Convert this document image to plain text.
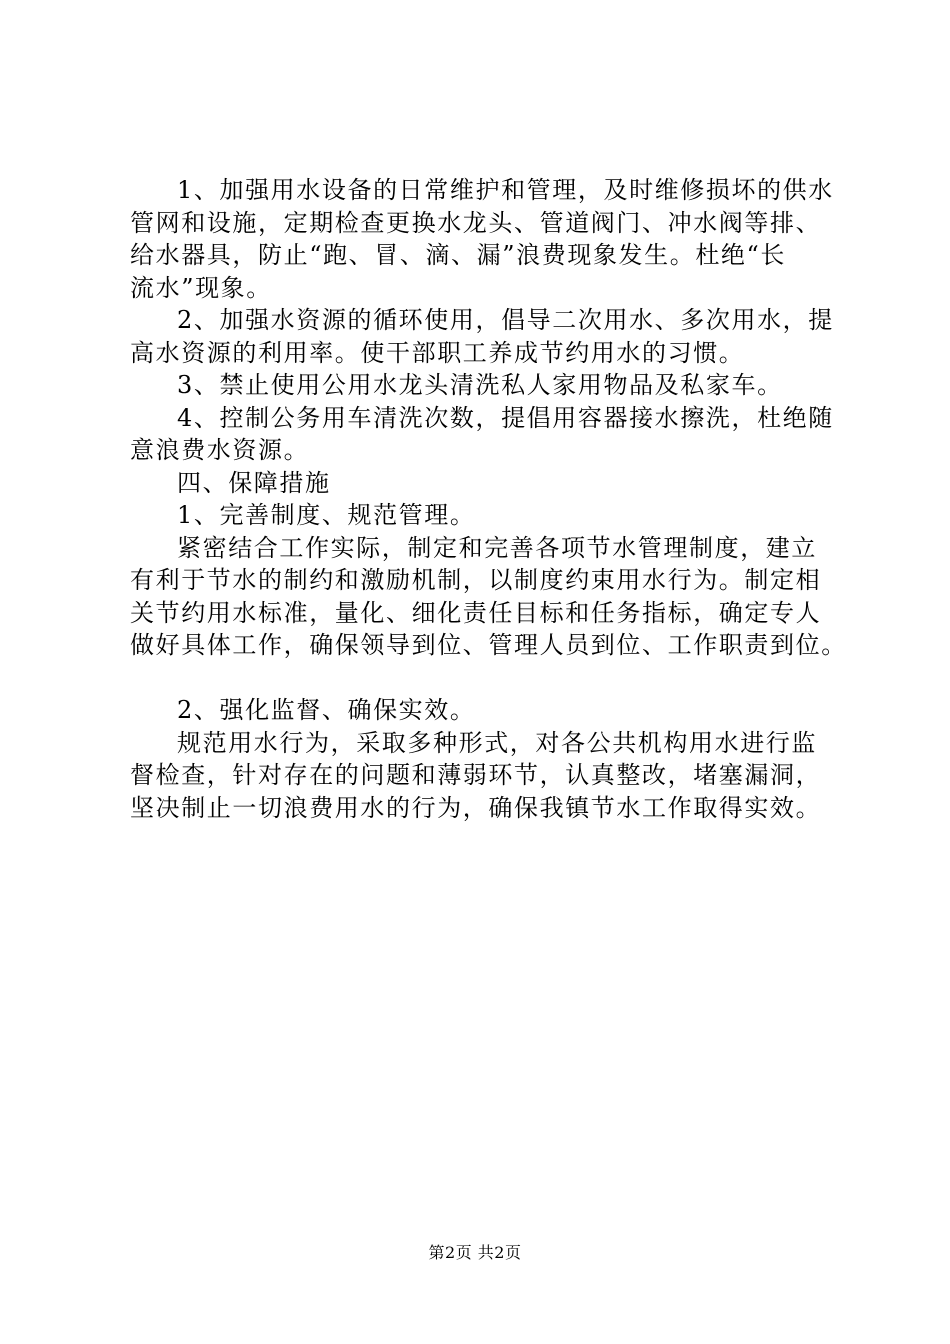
1、加强用水设备的日常维护和管理，及时维修损坏的供水
管网和设施，定期检查更换水龙头、管道阀门、冲水阀等排、
给水器具，防止“跑、冒、滴、漏”浪费现象发生。杜绝“长
流水”现象。
2、加强水资源的循环使用，倡导二次用水、多次用水，提
高水资源的利用率。使干部职工养成节约用水的习惯。
3、禁止使用公用水龙头清洗私人家用物品及私家车。
4、控制公务用车清洗次数，提倡用容器接水擦洗，杜绝随
意浪费水资源。
四、保障措施
1、完善制度、规范管理。
紧密结合工作实际，制定和完善各项节水管理制度，建立
有利于节水的制约和激励机制，以制度约束用水行为。制定相
关节约用水标准，量化、细化责任目标和任务指标，确定专人
做好具体工作，确保领导到位、管理人员到位、工作职责到位。
2、强化监督、确保实效。
规范用水行为，采取多种形式，对各公共机构用水进行监
督检查，针对存在的问题和薄弱环节，认真整改，堵塞漏洞，
坚决制止一切浪费用水的行为，确保我镇节水工作取得实效。
第2页 共2页
